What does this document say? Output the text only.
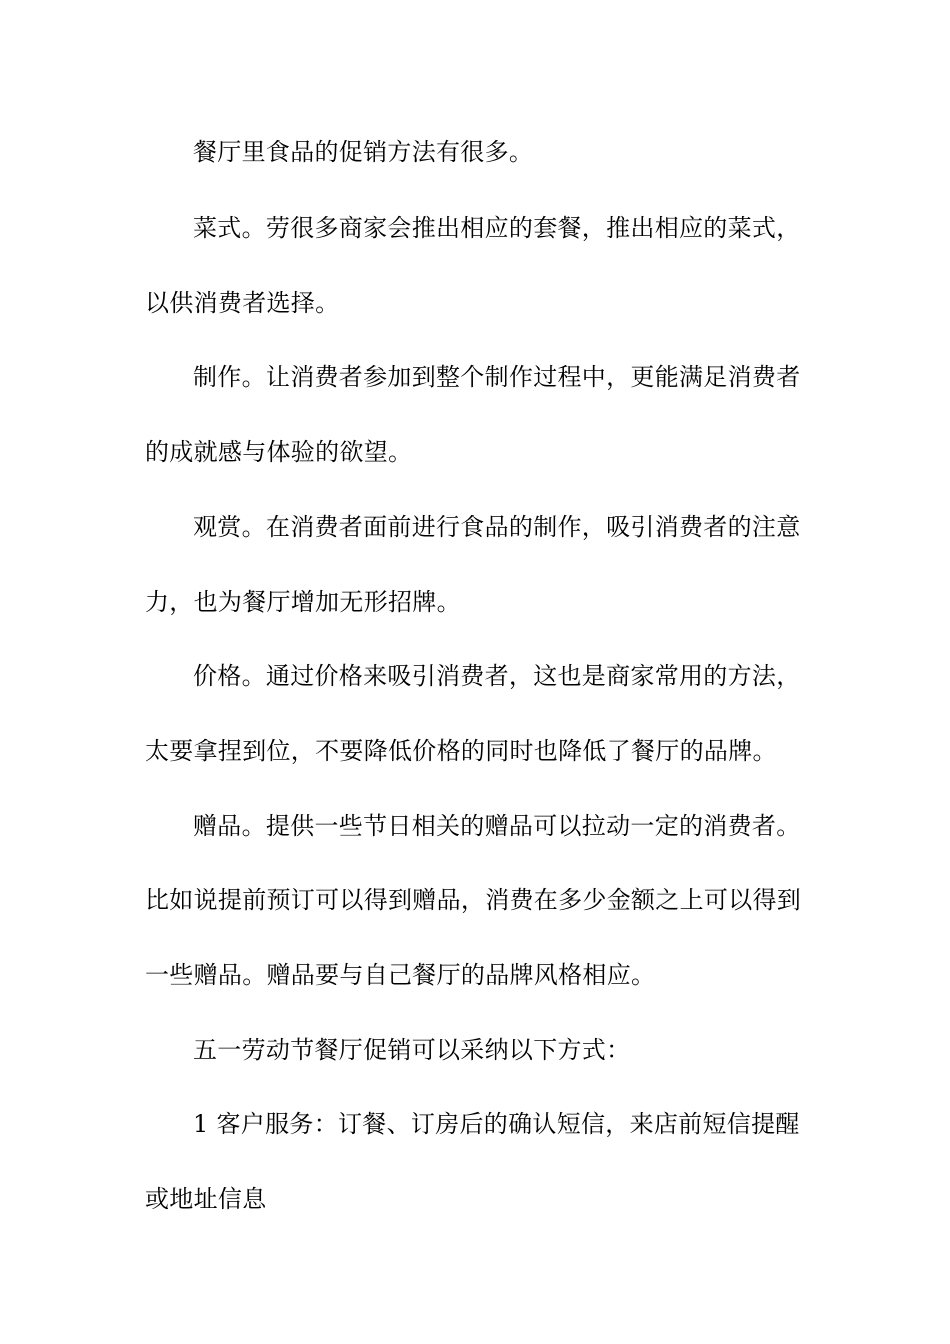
餐厅里食品的促销方法有很多。
菜式。劳很多商家会推出相应的套餐，推出相应的菜式，
以供消费者选择。
制作。让消费者参加到整个制作过程中，更能满足消费者
的成就感与体验的欲望。
观赏。在消费者面前进行食品的制作，吸引消费者的注意
力，也为餐厅增加无形招牌。
价格。通过价格来吸引消费者，这也是商家常用的方法，
太要拿捏到位，不要降低价格的同时也降低了餐厅的品牌。
赠品。提供一些节日相关的赠品可以拉动一定的消费者。
比如说提前预订可以得到赠品，消费在多少金额之上可以得到
一些赠品。赠品要与自己餐厅的品牌风格相应。
五一劳动节餐厅促销可以采纳以下方式：
1 客户服务：订餐、订房后的确认短信，来店前短信提醒
或地址信息
